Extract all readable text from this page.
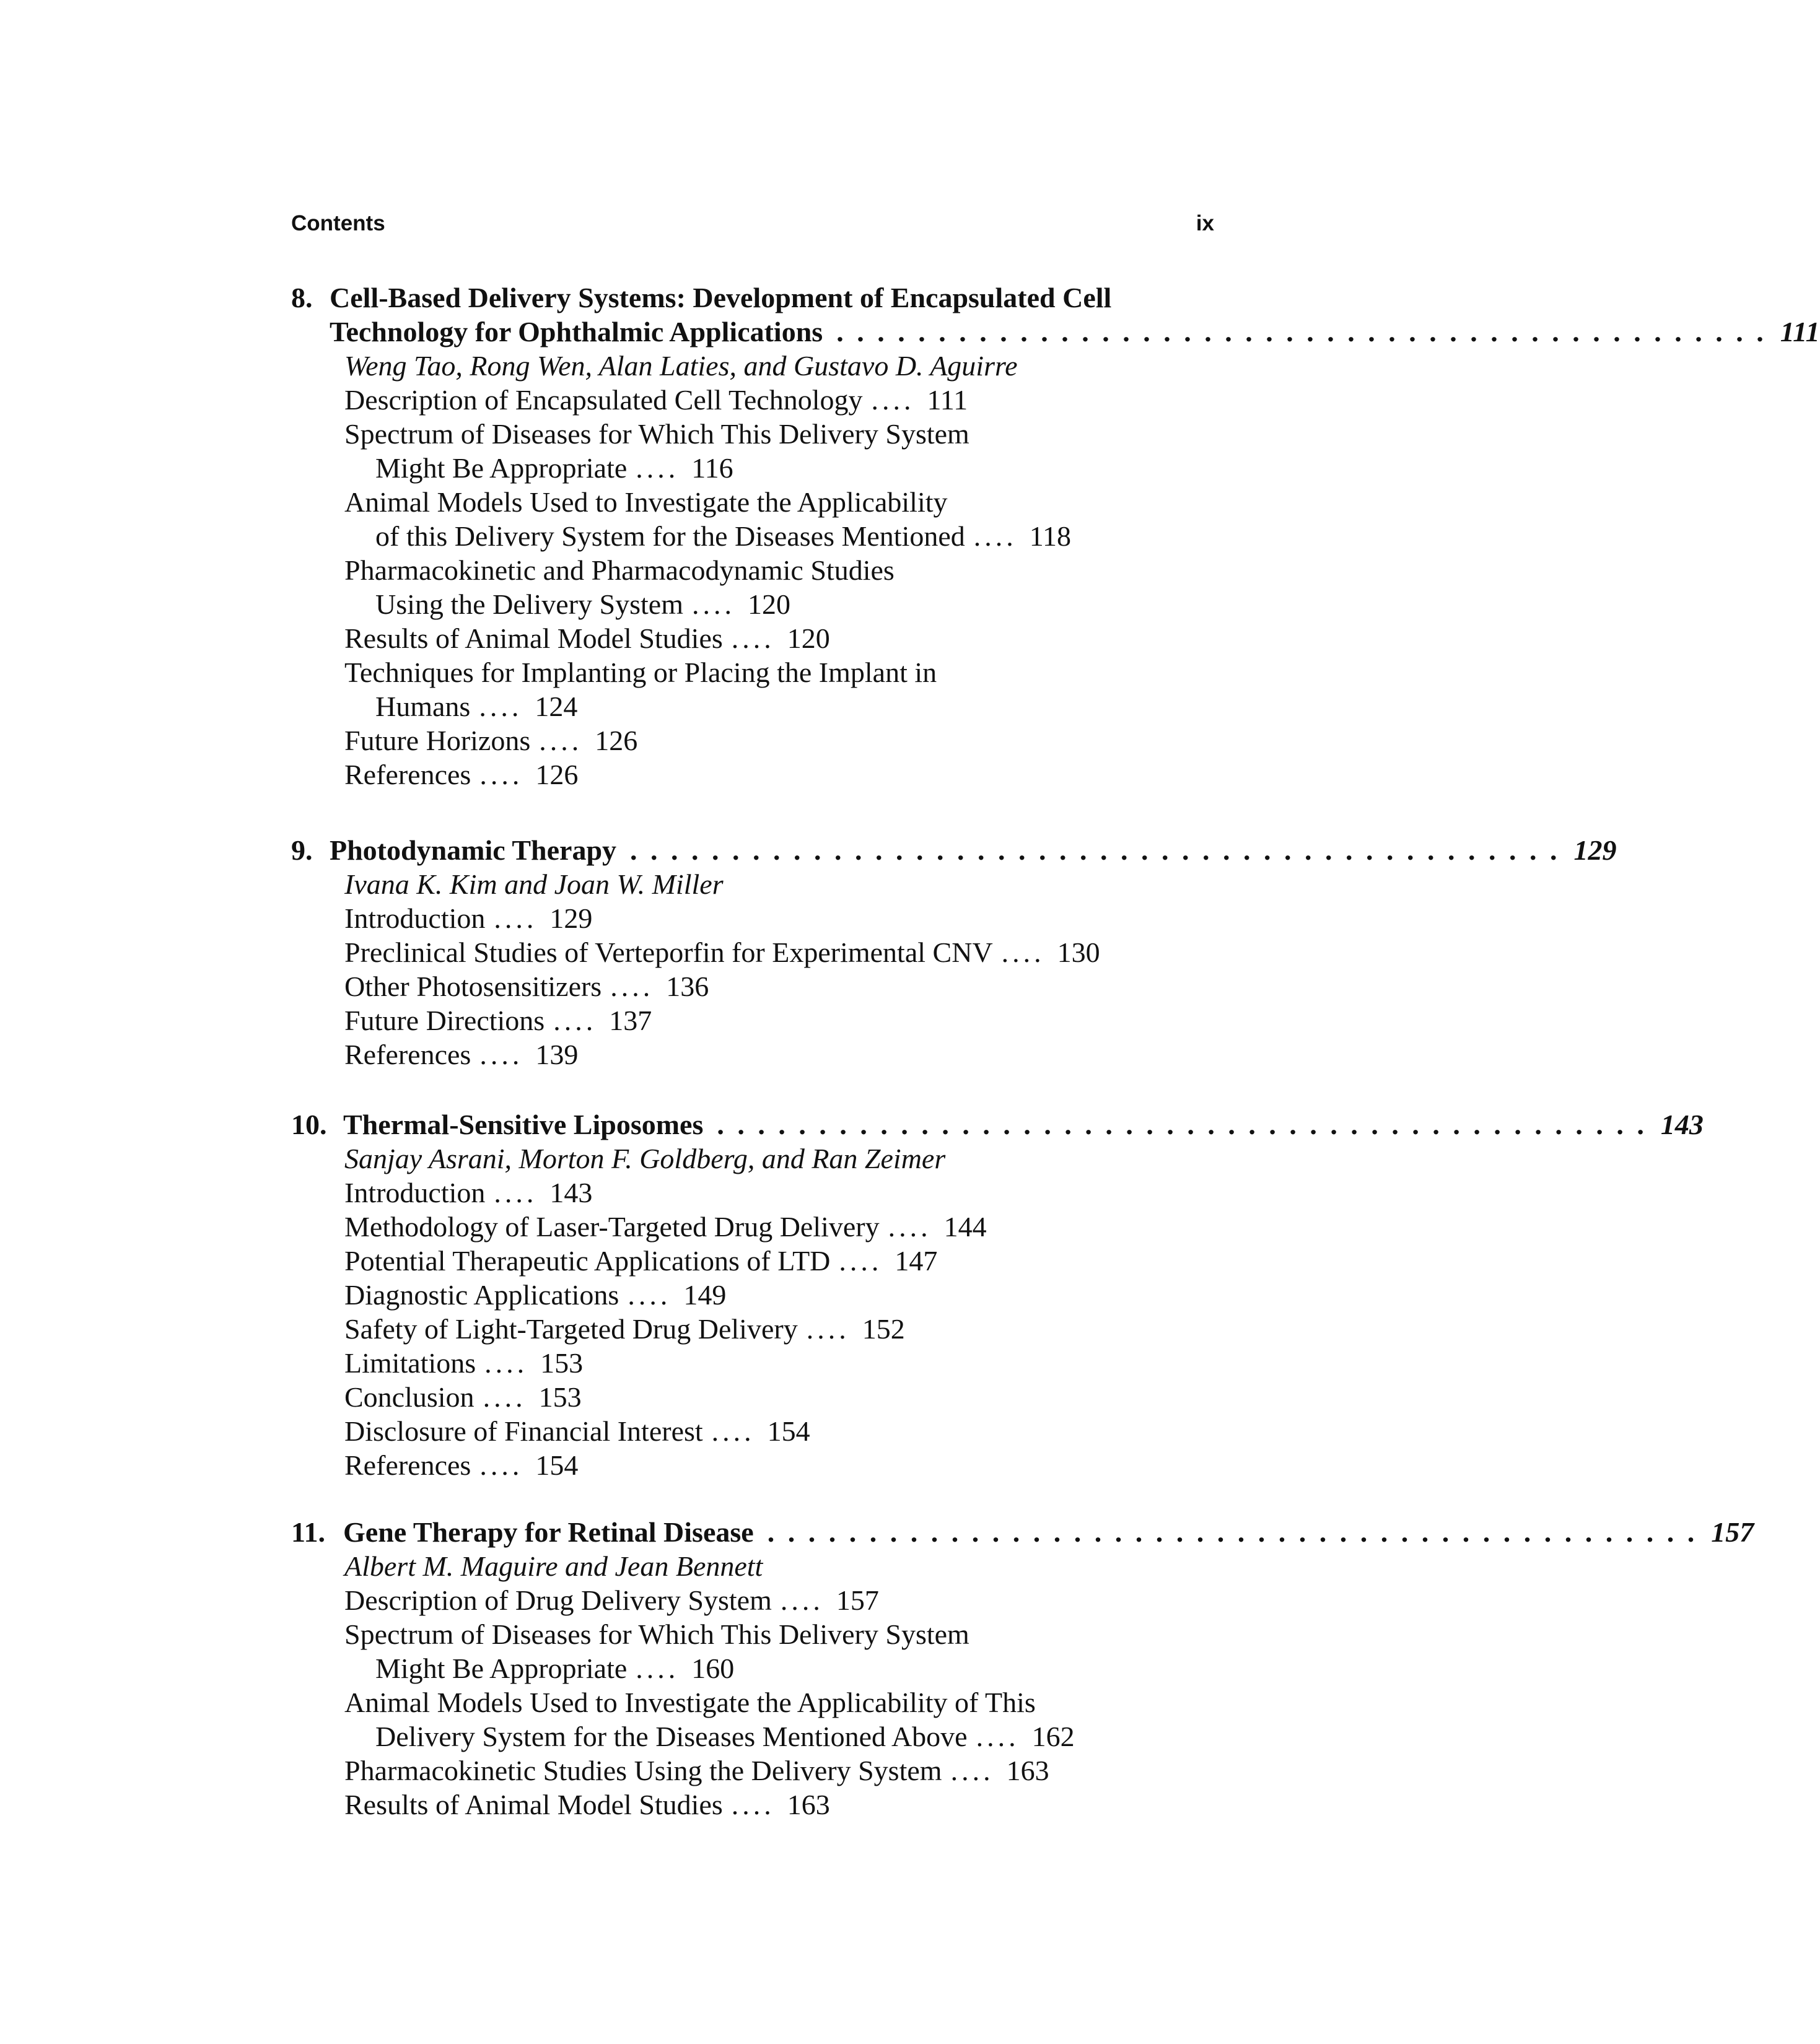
Contents	ix
8. Cell-Based Delivery Systems: Development of Encapsulated Cell
Technology for Ophthalmic Applications . . . . . . . . . . . . . . . . . . . . . . . . . . . . . . . . . . . . . . . . . . . . . . 111
Weng Tao, Rong Wen, Alan Laties, and Gustavo D. Aguirre
Description of Encapsulated Cell Technology .... 111
Spectrum of Diseases for Which This Delivery System
Might Be Appropriate .... 116
Animal Models Used to Investigate the Applicability
of this Delivery System for the Diseases Mentioned .... 118
Pharmacokinetic and Pharmacodynamic Studies
Using the Delivery System .... 120
Results of Animal Model Studies .... 120
Techniques for Implanting or Placing the Implant in
Humans .... 124
Future Horizons .... 126
References .... 126
9. Photodynamic Therapy . . . . . . . . . . . . . . . . . . . . . . . . . . . . . . . . . . . . . . . . . . . . . . 129
Ivana K. Kim and Joan W. Miller
Introduction .... 129
Preclinical Studies of Verteporfin for Experimental CNV .... 130
Other Photosensitizers .... 136
Future Directions .... 137
References .... 139
10. Thermal-Sensitive Liposomes . . . . . . . . . . . . . . . . . . . . . . . . . . . . . . . . . . . . . . . . . . . . . . 143
Sanjay Asrani, Morton F. Goldberg, and Ran Zeimer
Introduction .... 143
Methodology of Laser-Targeted Drug Delivery .... 144
Potential Therapeutic Applications of LTD .... 147
Diagnostic Applications .... 149
Safety of Light-Targeted Drug Delivery .... 152
Limitations .... 153
Conclusion .... 153
Disclosure of Financial Interest .... 154
References .... 154
11. Gene Therapy for Retinal Disease . . . . . . . . . . . . . . . . . . . . . . . . . . . . . . . . . . . . . . . . . . . . . . 157
Albert M. Maguire and Jean Bennett
Description of Drug Delivery System .... 157
Spectrum of Diseases for Which This Delivery System
Might Be Appropriate .... 160
Animal Models Used to Investigate the Applicability of This
Delivery System for the Diseases Mentioned Above .... 162
Pharmacokinetic Studies Using the Delivery System .... 163
Results of Animal Model Studies .... 163
